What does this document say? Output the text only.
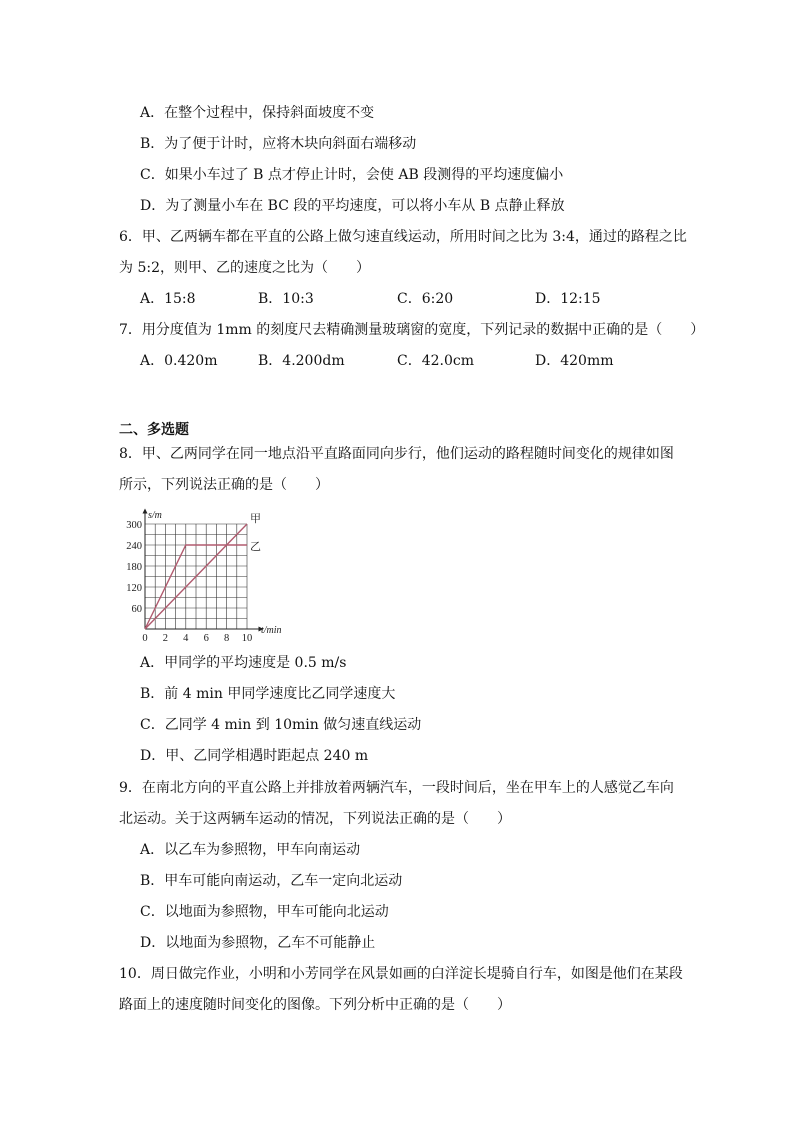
A．在整个过程中，保持斜面坡度不变
B．为了便于计时，应将木块向斜面右端移动
C．如果小车过了 B 点才停止计时，会使 AB 段测得的平均速度偏小
D．为了测量小车在 BC 段的平均速度，可以将小车从 B 点静止释放
6．甲、乙两辆车都在平直的公路上做匀速直线运动，所用时间之比为 3:4，通过的路程之比
为 5:2，则甲、乙的速度之比为（　　）
A．15:8	B．10:3	C．6:20	D．12:15
7．用分度值为 1mm 的刻度尺去精确测量玻璃窗的宽度，下列记录的数据中正确的是（　　）
A．0.420m	B．4.200dm	C．42.0cm	D．420mm
二、多选题
8．甲、乙两同学在同一地点沿平直路面同向步行，他们运动的路程随时间变化的规律如图
所示，下列说法正确的是（　　）
甲
乙
0 2 4 6 8 10
60
120
180
240
300
t/min
s/m
A．甲同学的平均速度是 0.5 m/s
B．前 4 min 甲同学速度比乙同学速度大
C．乙同学 4 min 到 10min 做匀速直线运动
D．甲、乙同学相遇时距起点 240 m
9．在南北方向的平直公路上并排放着两辆汽车，一段时间后，坐在甲车上的人感觉乙车向
北运动。关于这两辆车运动的情况，下列说法正确的是（　　）
A．以乙车为参照物，甲车向南运动
B．甲车可能向南运动，乙车一定向北运动
C．以地面为参照物，甲车可能向北运动
D．以地面为参照物，乙车不可能静止
10．周日做完作业，小明和小芳同学在风景如画的白洋淀长堤骑自行车，如图是他们在某段
路面上的速度随时间变化的图像。下列分析中正确的是（　　）
